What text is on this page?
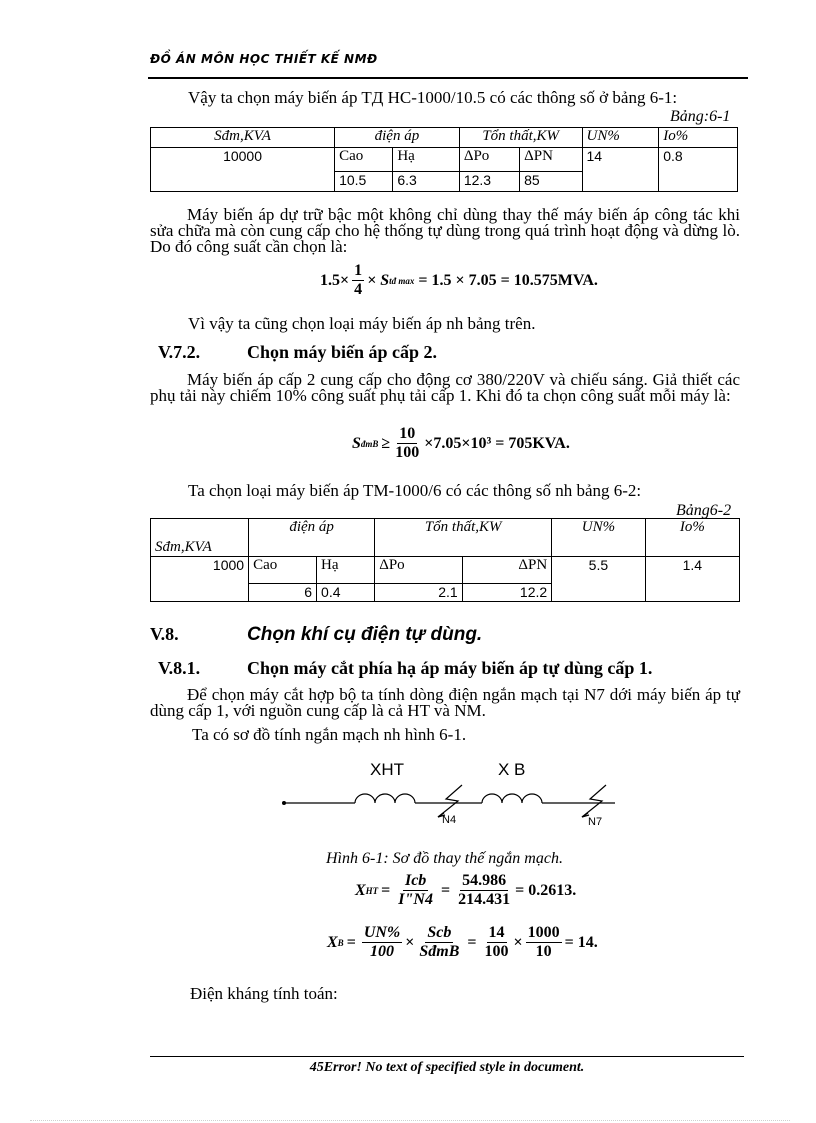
ĐỒ ÁN MÔN HỌC THIẾT KẾ NMĐ
Vậy ta chọn máy biến áp TД HC-1000/10.5 có các thông số ở bảng 6-1:
Bảng:6-1
Sđm,KVA	điện áp		Tổn thất,KW		UN%	Io%
10000	Cao	Hạ	ΔPo	ΔPN	14	0.8
	10.5	6.3	12.3	85		
Máy biến áp dự trữ bậc một không chỉ dùng thay thế máy biến áp công tác khi sửa chữa mà còn cung cấp cho hệ thống tự dùng trong quá trình hoạt động và dừng lò. Do đó công suất cần chọn là:
$1.5\times \frac{1}{4} \times S$ tđ max = 1.5 × 7.05 = 10.575MVA.
Vì vậy ta cũng chọn loại máy biến áp nh bảng trên.
V.7.2.	Chọn máy biến áp cấp 2.
Máy biến áp cấp 2 cung cấp cho động cơ 380/220V và chiếu sáng. Giả thiết các phụ tải này chiếm 10% công suất phụ tải cấp 1. Khi đó ta chọn công suất mỗi máy là:
S đmB ≥ $\frac{10}{100} \times 7.05\times 10^3 = 705KVA$.
Ta chọn loại máy biến áp TM-1000/6 có các thông số nh bảng 6-2:
Bảng6-2
Sđm,KVA	điện áp		Tổn thất,KW		UN%	Io%
1000	Cao	Hạ	ΔPo	ΔPN	5.5	1.4
	6	0.4	2.1	12.2		
V.8.	Chọn khí cụ điện tự dùng.
V.8.1.	Chọn máy cắt phía hạ áp máy biến áp tự dùng cấp 1.
Để chọn máy cắt hợp bộ ta tính dòng điện ngắn mạch tại N7 dới máy biến áp tự dùng cấp 1, với nguồn cung cấp là cả HT và NM.
Ta có sơ đồ tính ngắn mạch nh hình 6-1.
XHT	X B
N4	N7
Hình 6-1: Sơ đồ thay thế ngắn mạch.
X HT = $\frac{\text{Icb}}{I"N4} = \frac{54.986}{214.431} = 0.2613$.
X $B = \frac{UN\%}{100} \times \frac{\text{Scb}}{\text{SđmB}} = \frac{14}{100} \times \frac{1000}{10} = 14$.
Điện kháng tính toán:
45Error! No text of specified style in document.
